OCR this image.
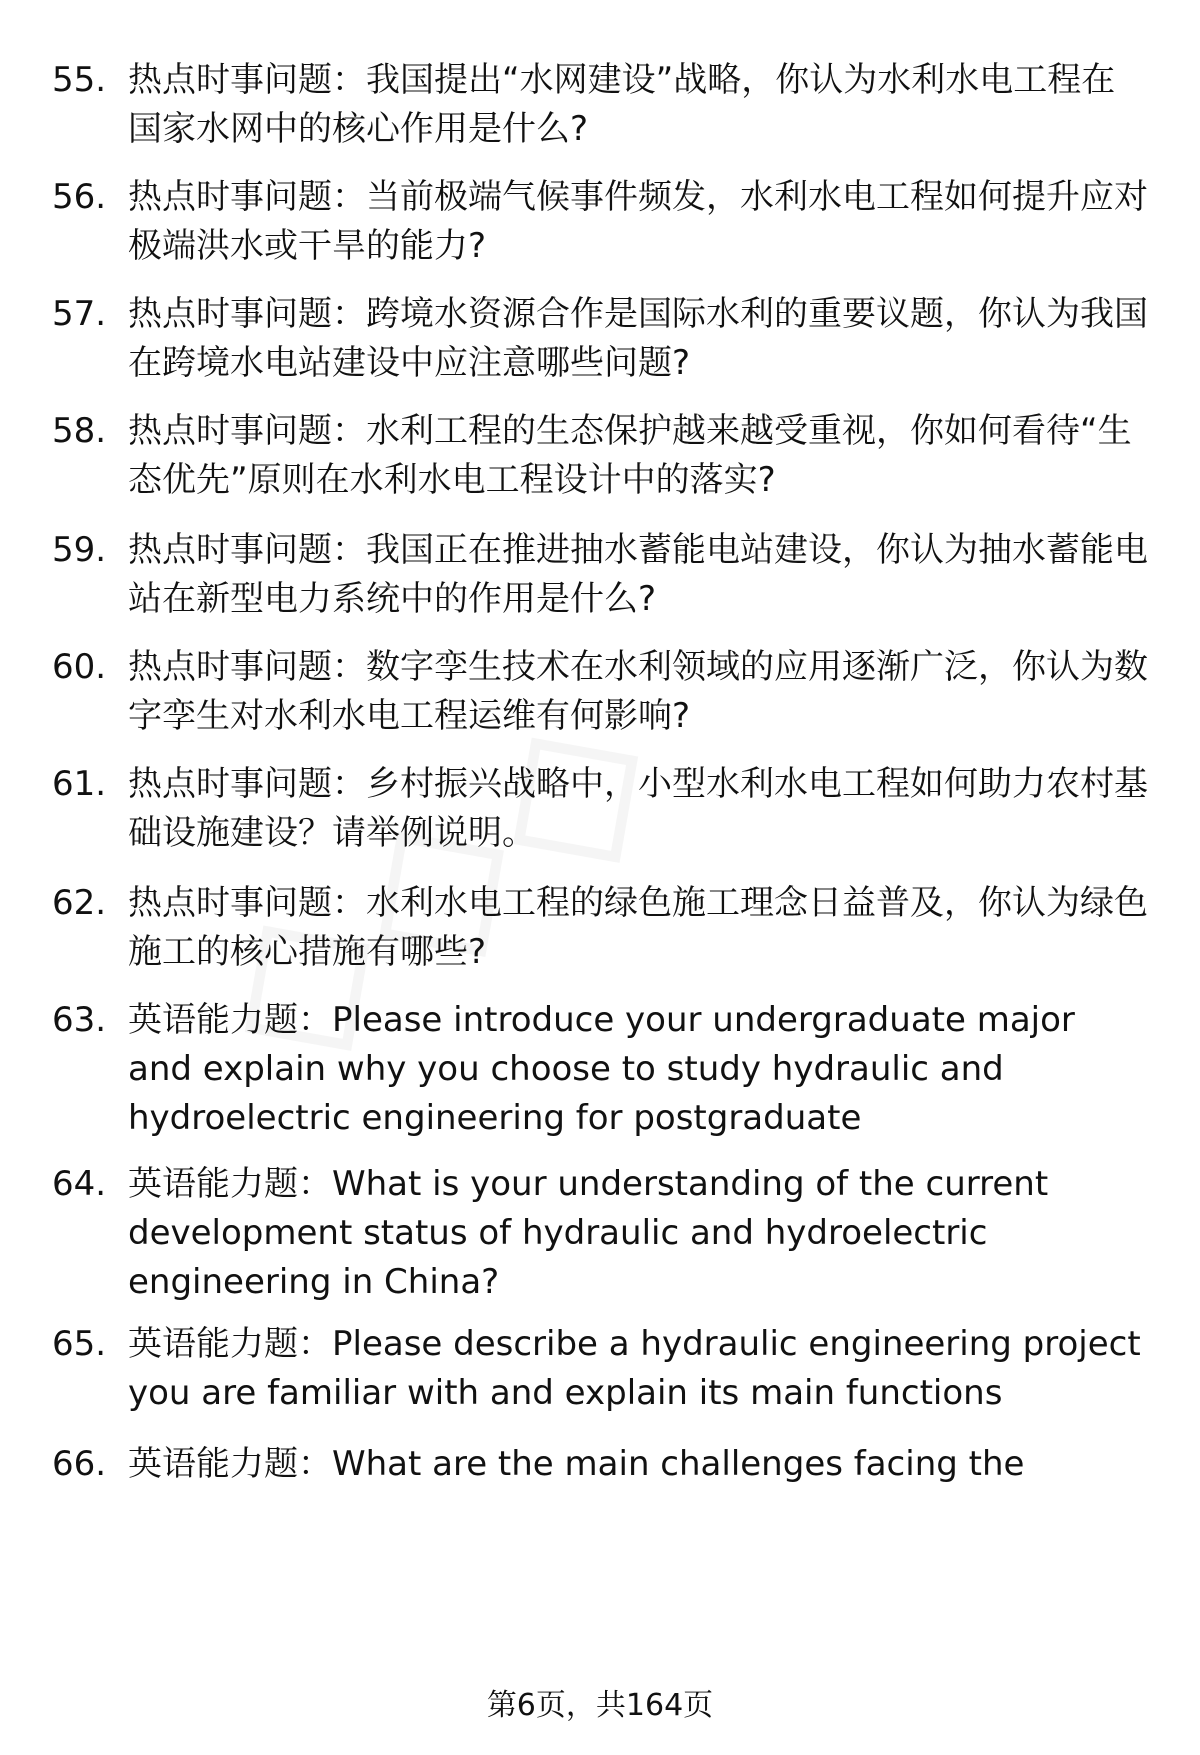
55. 热点时事问题：我国提出“水网建设”战略，你认为水利水电工程在国家水网中的核心作用是什么?
56. 热点时事问题：当前极端气候事件频发，水利水电工程如何提升应对极端洪水或干旱的能力?
57. 热点时事问题：跨境水资源合作是国际水利的重要议题，你认为我国在跨境水电站建设中应注意哪些问题?
58. 热点时事问题：水利工程的生态保护越来越受重视，你如何看待“生态优先”原则在水利水电工程设计中的落实?
59. 热点时事问题：我国正在推进抽水蓄能电站建设，你认为抽水蓄能电站在新型电力系统中的作用是什么?
60. 热点时事问题：数字孪生技术在水利领域的应用逐渐广泛，你认为数字孪生对水利水电工程运维有何影响?
61. 热点时事问题：乡村振兴战略中，小型水利水电工程如何助力农村基础设施建设？请举例说明。
62. 热点时事问题：水利水电工程的绿色施工理念日益普及，你认为绿色施工的核心措施有哪些?
63. 英语能力题：Please introduce your undergraduate major and explain why you choose to study hydraulic and hydroelectric engineering for postgraduate
64. 英语能力题：What is your understanding of the current development status of hydraulic and hydroelectric engineering in China?
65. 英语能力题：Please describe a hydraulic engineering project you are familiar with and explain its main functions
66. 英语能力题：What are the main challenges facing the
第6页，共164页
